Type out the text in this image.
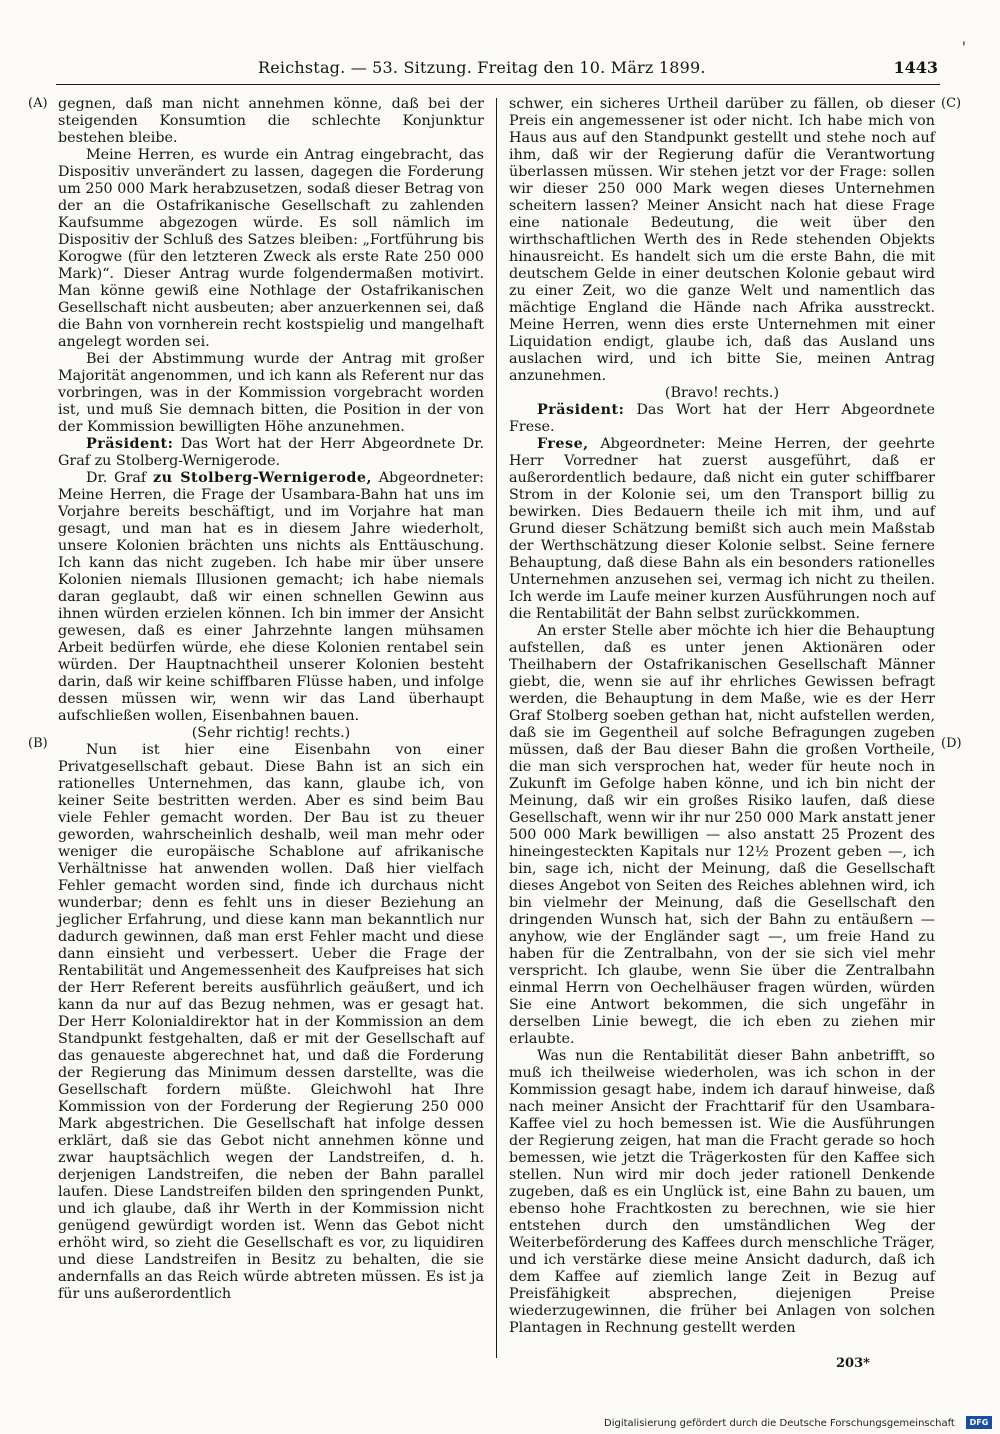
Reichstag. — 53. Sitzung. Freitag den 10. März 1899.	1443
'
(A)
(B)
(C)
(D)

gegnen, daß man nicht annehmen könne, daß bei der steigenden Konsumtion die schlechte Konjunktur bestehen bleibe.

Meine Herren, es wurde ein Antrag eingebracht, das Dispositiv unverändert zu lassen, dagegen die Forderung um 250 000 Mark herabzusetzen, sodaß dieser Betrag von der an die Ostafrikanische Gesellschaft zu zahlenden Kaufsumme abgezogen würde. Es soll nämlich im Dispositiv der Schluß des Satzes bleiben: „Fortführung bis Korogwe (für den letzteren Zweck als erste Rate 250 000 Mark)“. Dieser Antrag wurde folgendermaßen motivirt. Man könne gewiß eine Nothlage der Ostafrikanischen Gesellschaft nicht ausbeuten; aber anzuerkennen sei, daß die Bahn von vornherein recht kostspielig und mangelhaft angelegt worden sei.

Bei der Abstimmung wurde der Antrag mit großer Majorität angenommen, und ich kann als Referent nur das vorbringen, was in der Kommission vorgebracht worden ist, und muß Sie demnach bitten, die Position in der von der Kommission bewilligten Höhe anzunehmen.

Präsident: Das Wort hat der Herr Abgeordnete Dr. Graf zu Stolberg-Wernigerode.

Dr. Graf zu Stolberg-Wernigerode, Abgeordneter: Meine Herren, die Frage der Usambara-Bahn hat uns im Vorjahre bereits beschäftigt, und im Vorjahre hat man gesagt, und man hat es in diesem Jahre wiederholt, unsere Kolonien brächten uns nichts als Enttäuschung. Ich kann das nicht zugeben. Ich habe mir über unsere Kolonien niemals Illusionen gemacht; ich habe niemals daran geglaubt, daß wir einen schnellen Gewinn aus ihnen würden erzielen können. Ich bin immer der Ansicht gewesen, daß es einer Jahrzehnte langen mühsamen Arbeit bedürfen würde, ehe diese Kolonien rentabel sein würden. Der Hauptnachtheil unserer Kolonien besteht darin, daß wir keine schiffbaren Flüsse haben, und infolge dessen müssen wir, wenn wir das Land überhaupt aufschließen wollen, Eisenbahnen bauen.

(Sehr richtig! rechts.)

Nun ist hier eine Eisenbahn von einer Privatgesellschaft gebaut. Diese Bahn ist an sich ein rationelles Unternehmen, das kann, glaube ich, von keiner Seite bestritten werden. Aber es sind beim Bau viele Fehler gemacht worden. Der Bau ist zu theuer geworden, wahrscheinlich deshalb, weil man mehr oder weniger die europäische Schablone auf afrikanische Verhältnisse hat anwenden wollen. Daß hier vielfach Fehler gemacht worden sind, finde ich durchaus nicht wunderbar; denn es fehlt uns in dieser Beziehung an jeglicher Erfahrung, und diese kann man bekanntlich nur dadurch gewinnen, daß man erst Fehler macht und diese dann einsieht und verbessert. Ueber die Frage der Rentabilität und Angemessenheit des Kaufpreises hat sich der Herr Referent bereits ausführlich geäußert, und ich kann da nur auf das Bezug nehmen, was er gesagt hat. Der Herr Kolonialdirektor hat in der Kommission an dem Standpunkt festgehalten, daß er mit der Gesellschaft auf das genaueste abgerechnet hat, und daß die Forderung der Regierung das Minimum dessen darstellte, was die Gesellschaft fordern müßte. Gleichwohl hat Ihre Kommission von der Forderung der Regierung 250 000 Mark abgestrichen. Die Gesellschaft hat infolge dessen erklärt, daß sie das Gebot nicht annehmen könne und zwar hauptsächlich wegen der Landstreifen, d. h. derjenigen Landstreifen, die neben der Bahn parallel laufen. Diese Landstreifen bilden den springenden Punkt, und ich glaube, daß ihr Werth in der Kommission nicht genügend gewürdigt worden ist. Wenn das Gebot nicht erhöht wird, so zieht die Gesellschaft es vor, zu liquidiren und diese Landstreifen in Besitz zu behalten, die sie andernfalls an das Reich würde abtreten müssen. Es ist ja für uns außerordentlich

schwer, ein sicheres Urtheil darüber zu fällen, ob dieser Preis ein angemessener ist oder nicht. Ich habe mich von Haus aus auf den Standpunkt gestellt und stehe noch auf ihm, daß wir der Regierung dafür die Verantwortung überlassen müssen. Wir stehen jetzt vor der Frage: sollen wir dieser 250 000 Mark wegen dieses Unternehmen scheitern lassen? Meiner Ansicht nach hat diese Frage eine nationale Bedeutung, die weit über den wirthschaftlichen Werth des in Rede stehenden Objekts hinausreicht. Es handelt sich um die erste Bahn, die mit deutschem Gelde in einer deutschen Kolonie gebaut wird zu einer Zeit, wo die ganze Welt und namentlich das mächtige England die Hände nach Afrika ausstreckt. Meine Herren, wenn dies erste Unternehmen mit einer Liquidation endigt, glaube ich, daß das Ausland uns auslachen wird, und ich bitte Sie, meinen Antrag anzunehmen.

(Bravo! rechts.)

Präsident: Das Wort hat der Herr Abgeordnete Frese.

Frese, Abgeordneter: Meine Herren, der geehrte Herr Vorredner hat zuerst ausgeführt, daß er außerordentlich bedaure, daß nicht ein guter schiffbarer Strom in der Kolonie sei, um den Transport billig zu bewirken. Dies Bedauern theile ich mit ihm, und auf Grund dieser Schätzung bemißt sich auch mein Maßstab der Werthschätzung dieser Kolonie selbst. Seine fernere Behauptung, daß diese Bahn als ein besonders rationelles Unternehmen anzusehen sei, vermag ich nicht zu theilen. Ich werde im Laufe meiner kurzen Ausführungen noch auf die Rentabilität der Bahn selbst zurückkommen.

An erster Stelle aber möchte ich hier die Behauptung aufstellen, daß es unter jenen Aktionären oder Theilhabern der Ostafrikanischen Gesellschaft Männer giebt, die, wenn sie auf ihr ehrliches Gewissen befragt werden, die Behauptung in dem Maße, wie es der Herr Graf Stolberg soeben gethan hat, nicht aufstellen werden, daß sie im Gegentheil auf solche Befragungen zugeben müssen, daß der Bau dieser Bahn die großen Vortheile, die man sich versprochen hat, weder für heute noch in Zukunft im Gefolge haben könne, und ich bin nicht der Meinung, daß wir ein großes Risiko laufen, daß diese Gesellschaft, wenn wir ihr nur 250 000 Mark anstatt jener 500 000 Mark bewilligen — also anstatt 25 Prozent des hineingesteckten Kapitals nur 12½ Prozent geben —, ich bin, sage ich, nicht der Meinung, daß die Gesellschaft dieses Angebot von Seiten des Reiches ablehnen wird, ich bin vielmehr der Meinung, daß die Gesellschaft den dringenden Wunsch hat, sich der Bahn zu entäußern — anyhow, wie der Engländer sagt —, um freie Hand zu haben für die Zentralbahn, von der sie sich viel mehr verspricht. Ich glaube, wenn Sie über die Zentralbahn einmal Herrn von Oechelhäuser fragen würden, würden Sie eine Antwort bekommen, die sich ungefähr in derselben Linie bewegt, die ich eben zu ziehen mir erlaubte.

Was nun die Rentabilität dieser Bahn anbetrifft, so muß ich theilweise wiederholen, was ich schon in der Kommission gesagt habe, indem ich darauf hinweise, daß nach meiner Ansicht der Frachttarif für den Usambara-Kaffee viel zu hoch bemessen ist. Wie die Ausführungen der Regierung zeigen, hat man die Fracht gerade so hoch bemessen, wie jetzt die Trägerkosten für den Kaffee sich stellen. Nun wird mir doch jeder rationell Denkende zugeben, daß es ein Unglück ist, eine Bahn zu bauen, um ebenso hohe Frachtkosten zu berechnen, wie sie hier entstehen durch den umständlichen Weg der Weiterbeförderung des Kaffees durch menschliche Träger, und ich verstärke diese meine Ansicht dadurch, daß ich dem Kaffee auf ziemlich lange Zeit in Bezug auf Preisfähigkeit absprechen, diejenigen Preise wiederzugewinnen, die früher bei Anlagen von solchen Plantagen in Rechnung gestellt werden

203*
Digitalisierung gefördert durch die Deutsche Forschungsgemeinschaft	DFG
